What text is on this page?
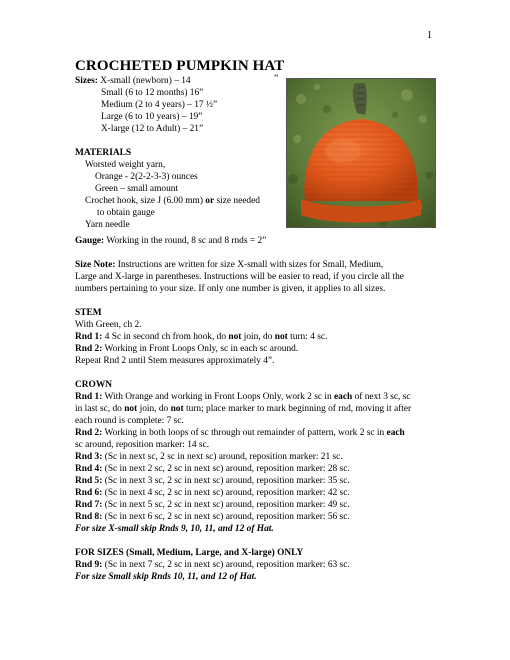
1
CROCHETED PUMPKIN HAT
Sizes: X-small (newborn) – 14	”
Small (6 to 12 months) 16”
Medium (2 to 4 years) – 17 ½”
Large (6 to 10 years) – 19”
X-large (12 to Adult) – 21”
MATERIALS
Worsted weight yarn,
Orange - 2(2-2-3-3) ounces
Green – small amount
Crochet hook, size J (6.00 mm) or size needed
to obtain gauge
Yarn needle
Gauge: Working in the round, 8 sc and 8 rnds = 2”
Size Note: Instructions are written for size X-small with sizes for Small, Medium,
Large and X-large in parentheses. Instructions will be easier to read, if you circle all the
numbers pertaining to your size. If only one number is given, it applies to all sizes.
STEM
With Green, ch 2.
Rnd 1: 4 Sc in second ch from hook, do not join, do not turn: 4 sc.
Rnd 2: Working in Front Loops Only, sc in each sc around.
Repeat Rnd 2 until Stem measures approximately 4”.
CROWN
Rnd 1: With Orange and working in Front Loops Only, work 2 sc in each of next 3 sc, sc
in last sc, do not join, do not turn; place marker to mark beginning of rnd, moving it after
each round is complete: 7 sc.
Rnd 2: Working in both loops of sc through out remainder of pattern, work 2 sc in each
sc around, reposition marker: 14 sc.
Rnd 3: (Sc in next sc, 2 sc in next sc) around, reposition marker: 21 sc.
Rnd 4: (Sc in next 2 sc, 2 sc in next sc) around, reposition marker: 28 sc.
Rnd 5: (Sc in next 3 sc, 2 sc in next sc) around, reposition marker: 35 sc.
Rnd 6: (Sc in next 4 sc, 2 sc in next sc) around, reposition marker: 42 sc.
Rnd 7: (Sc in next 5 sc, 2 sc in next sc) around, reposition marker: 49 sc.
Rnd 8: (Sc in next 6 sc, 2 sc in next sc) around, reposition marker: 56 sc.
For size X-small skip Rnds 9, 10, 11, and 12 of Hat.
FOR SIZES (Small, Medium, Large, and X-large) ONLY
Rnd 9: (Sc in next 7 sc, 2 sc in next sc) around, reposition marker: 63 sc.
For size Small skip Rnds 10, 11, and 12 of Hat.
